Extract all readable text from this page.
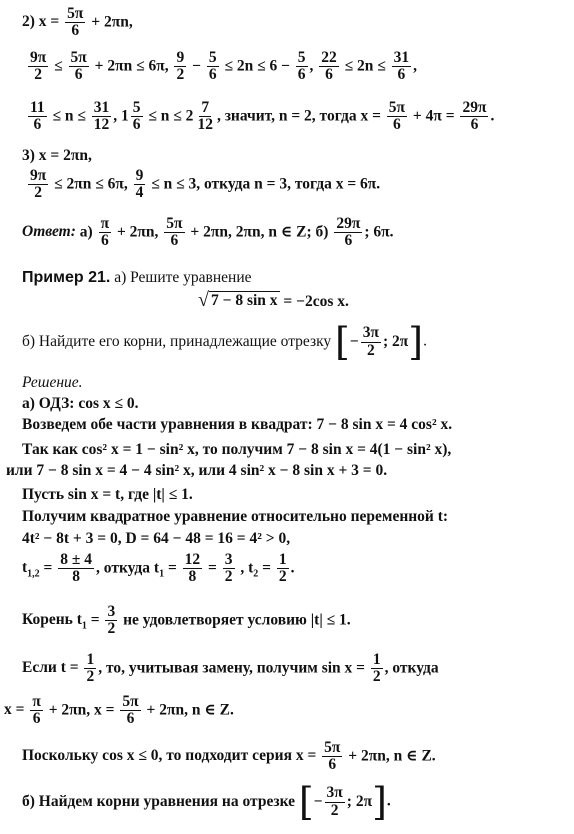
2) $x = \frac{5\pi}{6} + 2\pi n$,
$\frac{9\pi}{2} \le \frac{5\pi}{6} + 2\pi n \le 6\pi$, $\frac{9}{2} - \frac{5}{6} \le 2n \le 6 - \frac{5}{6}$ , $\frac{22}{6} \le 2n \le \frac{31}{6}$ ,
$\frac{11}{6} \le n \le \frac{31}{12}$ , $1 \frac{5}{6} \le n \le 2 \frac{7}{12}$ , значит, n = 2, тогда $x = \frac{5\pi}{6} + 4\pi = \frac{29\pi}{6}$ .
3) x = 2πn,
$\frac{9\pi}{2} \le 2\pi n \le 6\pi$, $\frac{9}{4} \le n \le 3$, откуда n = 3, тогда x = 6π.
Ответ: $а) \frac{\pi}{6} + 2\pi n$, $\frac{5\pi}{6} + 2\pi n$, 2πn, n ∈ Z; $б) \frac{29\pi}{6}$ ; 6π.
Пример 21. а) Решите уравнение
√ 7 − 8 sin x = −2cos x.
б) Найдите его корни, принадлежащие отрезку [ − $\frac{3\pi}{2}$ ; 2π ] .
Решение.
а) ОДЗ: cos x ≤ 0.
Возведем обе части уравнения в квадрат: 7 − 8 sin x = 4 cos² x.
Так как cos² x = 1 − sin² x, то получим 7 − 8 sin x = 4(1 − sin² x),
или 7 − 8 sin x = 4 − 4 sin² x, или 4 sin² x − 8 sin x + 3 = 0.
Пусть sin x = t, где |t| ≤ 1.
Получим квадратное уравнение относительно переменной t:
4t² − 8t + 3 = 0, D = 64 − 48 = 16 = 4² > 0,
$t_{1,2} = \frac{8 \pm 4}{8}$ , откуда $t_1 = \frac{12}{8} = \frac{3}{2}$ , $t_2 = \frac{1}{2}$ .
Корень $t_1 = \frac{3}{2}$ не удовлетворяет условию |t| ≤ 1.
Если $t = \frac{1}{2}$ , то, учитывая замену, получим $\sin x = \frac{1}{2}$ , откуда
$x = \frac{\pi}{6} + 2\pi n$, $x = \frac{5\pi}{6} + 2\pi n$, n ∈ Z.
Поскольку cos x ≤ 0, то подходит серия $x = \frac{5\pi}{6} + 2\pi n$, n ∈ Z.
б) Найдем корни уравнения на отрезке [ − $\frac{3\pi}{2}$ ; 2π ] .
